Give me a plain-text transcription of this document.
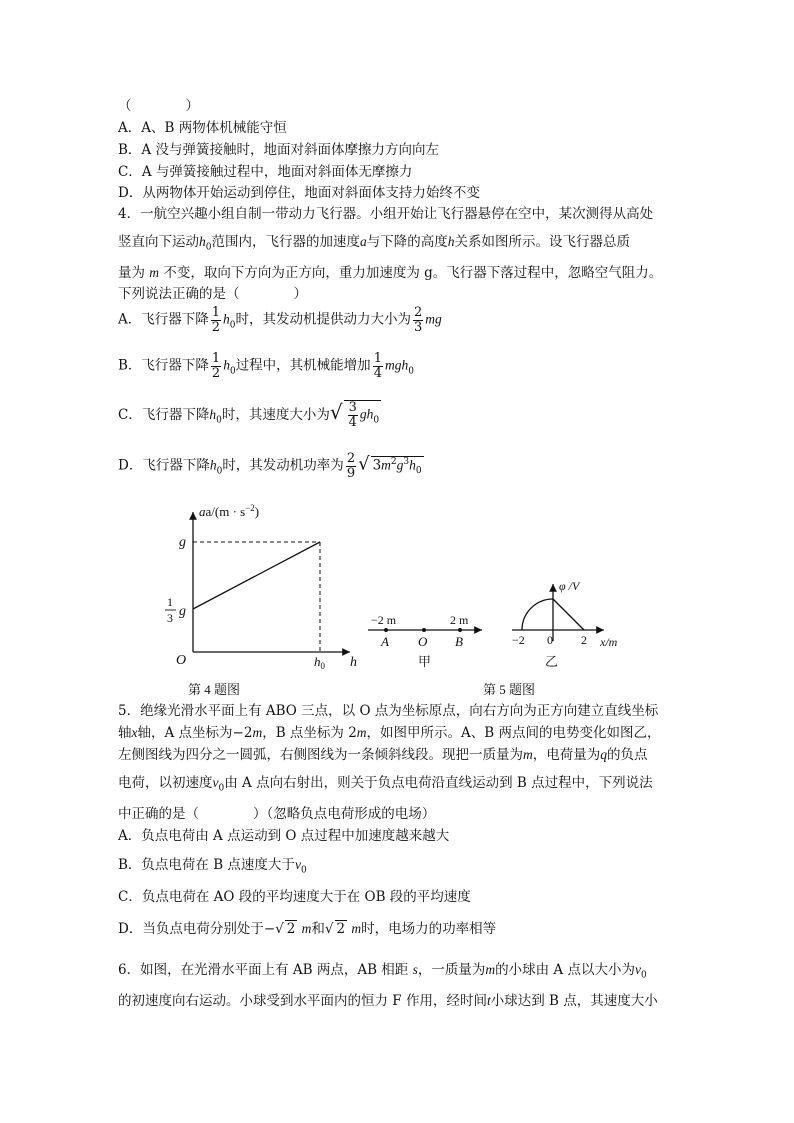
（　　　　）
A．A、B 两物体机械能守恒
B．A 没与弹簧接触时，地面对斜面体摩擦力方向向左
C．A 与弹簧接触过程中，地面对斜面体无摩擦力
D．从两物体开始运动到停住，地面对斜面体支持力始终不变
4．一航空兴趣小组自制一带动力飞行器。小组开始让飞行器悬停在空中，某次测得从高处
竖直向下运动$h_0$范围内，飞行器的加速度a与下降的高度h关系如图所示。设飞行器总质
量为 m 不变，取向下方向为正方向，重力加速度为 g。飞行器下落过程中，忽略空气阻力。
下列说法正确的是（　　　　）
A．飞行器下降 $\frac{1}{2} h_0$时，其发动机提供动力大小为 $\frac{2}{3}$ mg
B．飞行器下降 $\frac{1}{2} h_0$过程中，其机械能增加 $\frac{1}{4} mgh_0$
C．飞行器下降$h_0$时，其速度大小为√ $\frac{3}{4} gh_0$
D．飞行器下降$h_0$时，其发动机功率为 $\frac{2}{9}$ √ $3m^2g^3h_0$
$aa/(m \cdot s^{-2})$
g
1
3 g
O	$h_0$ h
−2 m	2 m
A O B
甲
φ /V
−2 0 2 x/m
乙
第 4 题图	第 5 题图
5．绝缘光滑水平面上有 ABO 三点，以 O 点为坐标原点，向右方向为正方向建立直线坐标
轴x轴，A 点坐标为−2m，B 点坐标为 2m，如图甲所示。A、B 两点间的电势变化如图乙，
左侧图线为四分之一圆弧，右侧图线为一条倾斜线段。现把一质量为m，电荷量为q的负点
电荷，以初速度$v_0$由 A 点向右射出，则关于负点电荷沿直线运动到 B 点过程中，下列说法
中正确的是（　　　　）（忽略负点电荷形成的电场）
A．负点电荷由 A 点运动到 O 点过程中加速度越来越大
B．负点电荷在 B 点速度大于$v_0$
C．负点电荷在 AO 段的平均速度大于在 OB 段的平均速度
D．当负点电荷分别处于−√ 2 m和√ 2 m时，电场力的功率相等
6．如图，在光滑水平面上有 AB 两点，AB 相距 s，一质量为m的小球由 A 点以大小为$v_0$
的初速度向右运动。小球受到水平面内的恒力 F 作用，经时间t小球达到 B 点，其速度大小
